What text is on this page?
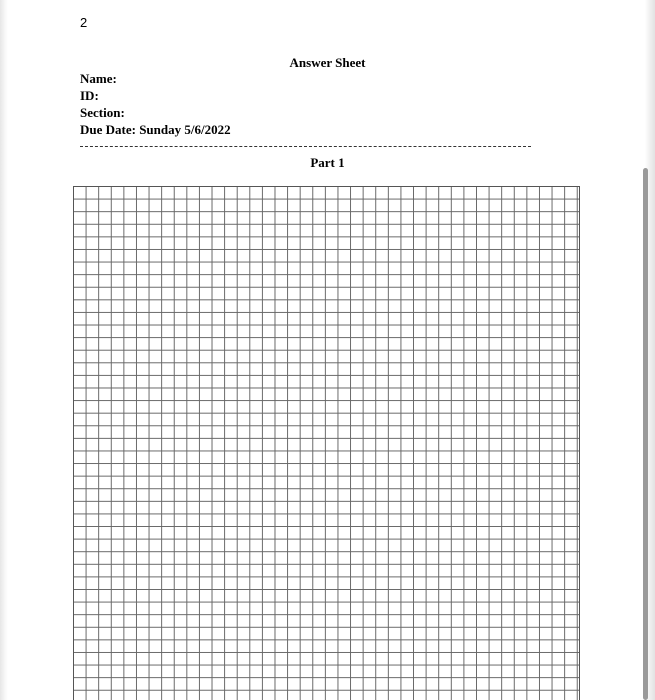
2
Answer Sheet
Name:
ID:
Section:
Due Date: Sunday 5/6/2022
Part 1
